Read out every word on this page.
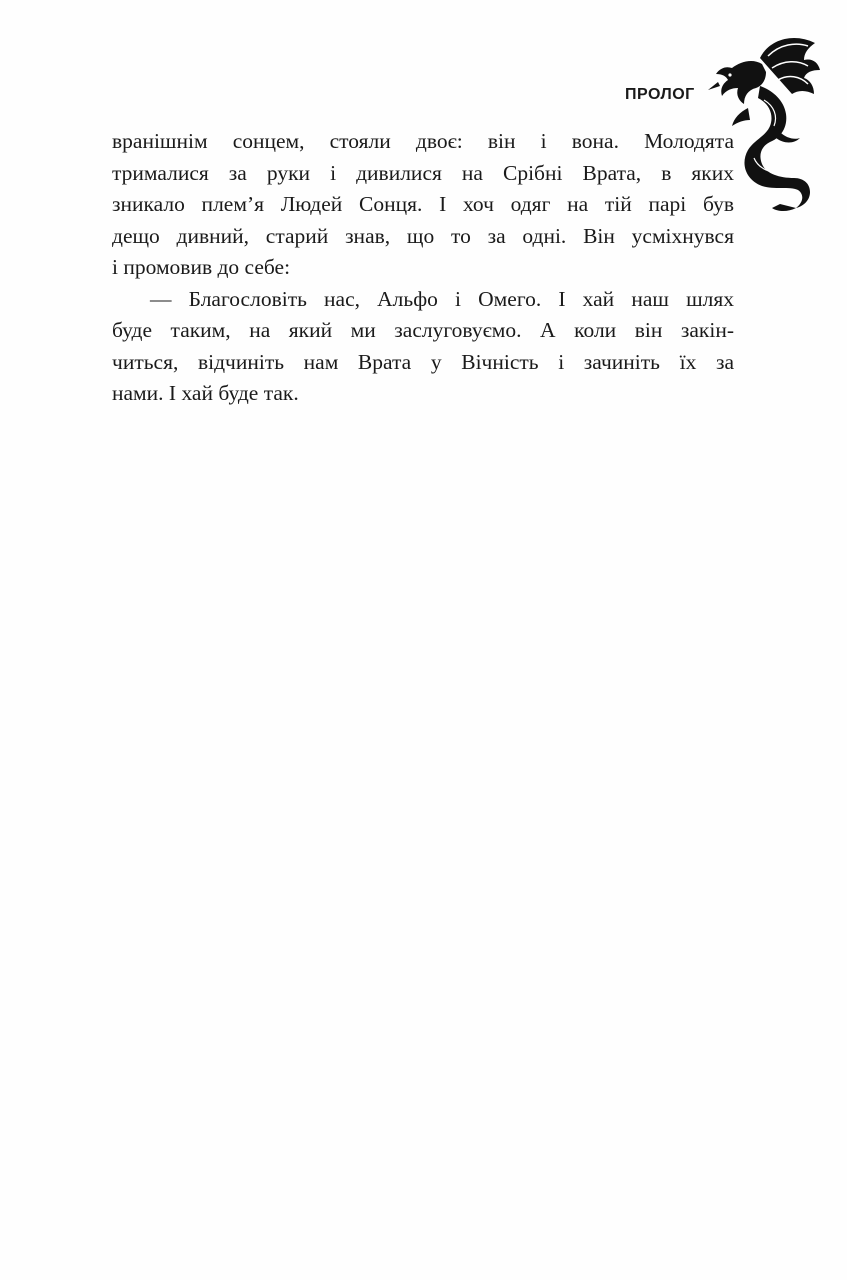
ПРОЛОГ
вранішнім сонцем, стояли двоє: він і вона. Молодята
трималися за руки і дивилися на Срібні Врата, в яких
зникало плем’я Людей Сонця. І хоч одяг на тій парі був
дещо дивний, старий знав, що то за одні. Він усміхнувся
і промовив до себе:
— Благословіть нас, Альфо і Омего. І хай наш шлях
буде таким, на який ми заслуговуємо. А коли він закін-
читься, відчиніть нам Врата у Вічність і зачиніть їх за
нами. І хай буде так.
